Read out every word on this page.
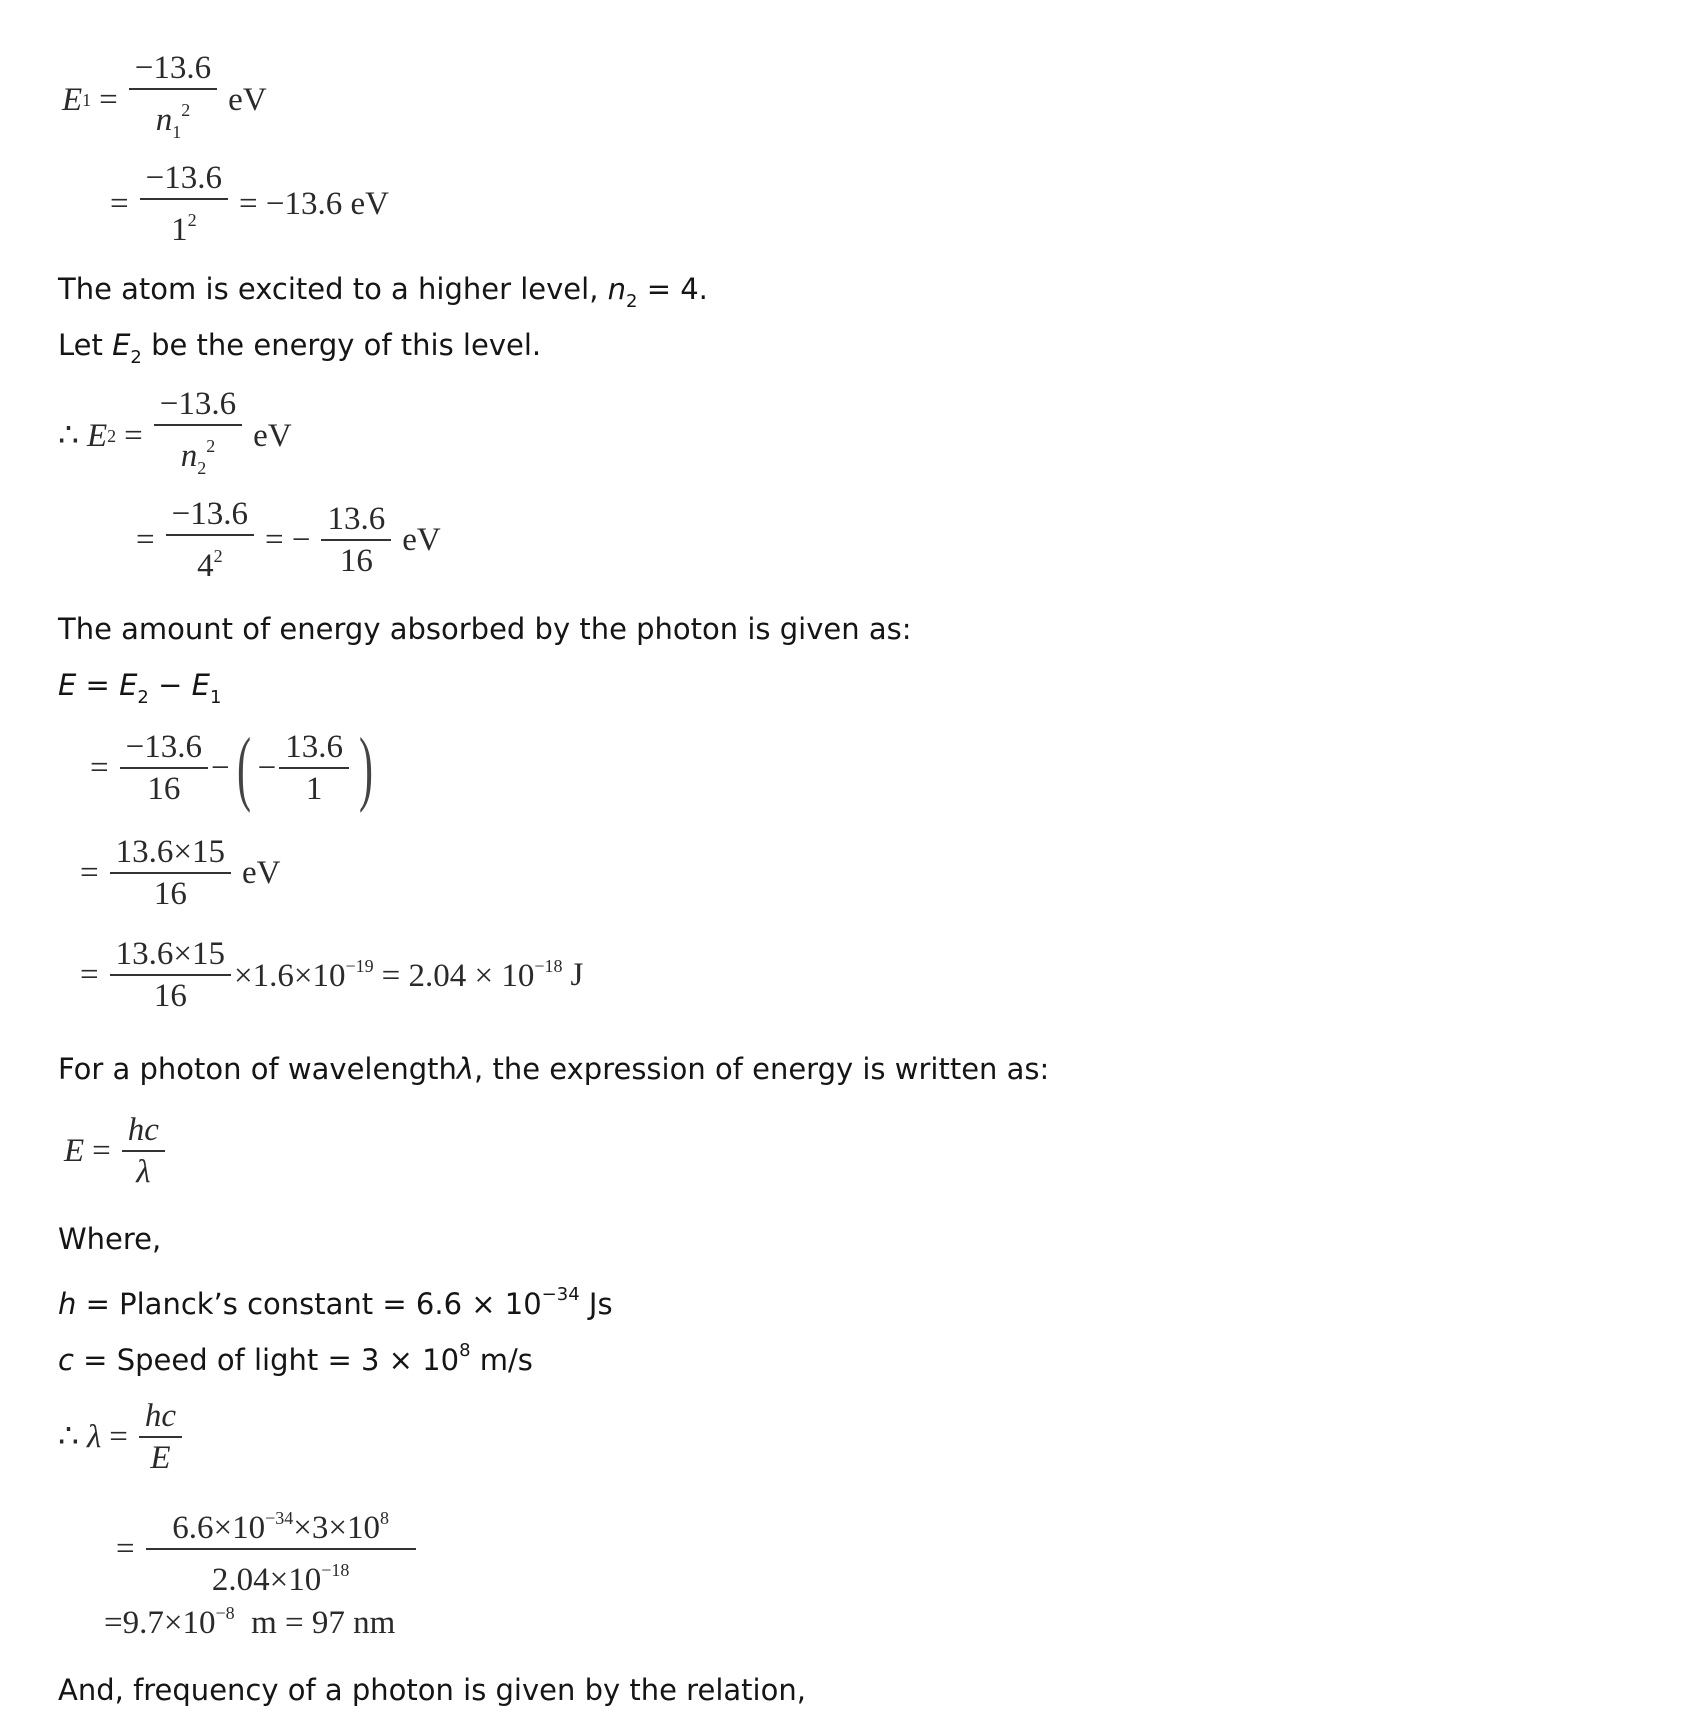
E $1 = \frac{-13.6}{n_1^2}$ eV
= $\frac{-13.6}{1^2} = -13.6$ eV
The atom is excited to a higher level, $n_2 = 4$.
Let $E_2$ be the energy of this level.
∴ E $2 = \frac{-13.6}{n_2^2}$ eV
= $\frac{-13.6}{4^2}$ = − $\frac{13.6}{16}$ eV
The amount of energy absorbed by the photon is given as:
$E = E_2 - E_1$
= $\frac{-13.6}{16}$ − ( − $\frac{13.6}{1}$ )
= $\frac{13.6\times 15}{16}$ eV
= $\frac{13.6\times 15}{16} \times 1.6\times 10^{-19} = 2.04 \times 10^{-18}$ J
For a photon of wavelengthλ, the expression of energy is written as:
$E = \frac{hc}{\lambda}$
Where,
h = Planck’s constant = $6.6 \times 10^{-34}$ Js
c = Speed of light = $3 \times 10^8$ m/s
∴ $\lambda = \frac{hc}{E}$
= $\frac{6.6\times 10^{-34}\times 3\times 10^8}{2.04\times 10^{-18}}$
$=9.7\times 10^{-8}$  m = 97 nm
And, frequency of a photon is given by the relation,
